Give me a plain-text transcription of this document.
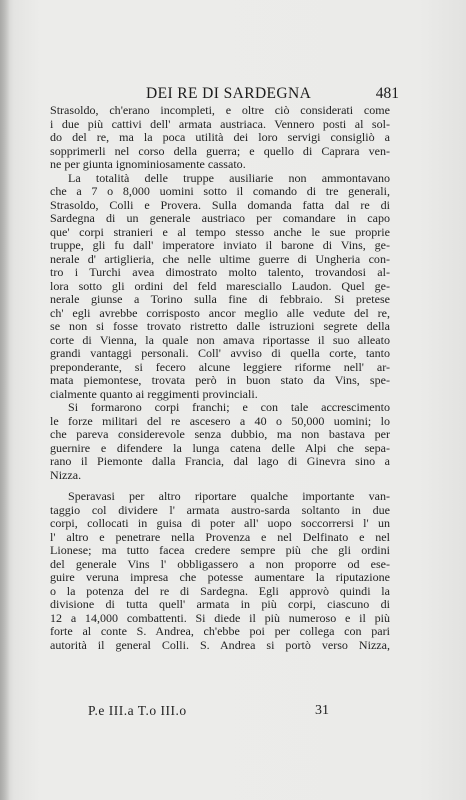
DEI RE DI SARDEGNA	481
Strasoldo, ch'erano incompleti, e oltre ciò considerati come
i due più cattivi dell' armata austriaca. Vennero posti al sol-
do del re, ma la poca utilità dei loro servigi consigliò a
sopprimerli nel corso della guerra; e quello di Caprara ven-
ne per giunta ignominiosamente cassato.
La totalità delle truppe ausiliarie non ammontavano
che a 7 o 8,000 uomini sotto il comando di tre generali,
Strasoldo, Colli e Provera. Sulla domanda fatta dal re di
Sardegna di un generale austriaco per comandare in capo
que' corpi stranieri e al tempo stesso anche le sue proprie
truppe, gli fu dall' imperatore inviato il barone di Vins, ge-
nerale d' artiglieria, che nelle ultime guerre di Ungheria con-
tro i Turchi avea dimostrato molto talento, trovandosi al-
lora sotto gli ordini del feld maresciallo Laudon. Quel ge-
nerale giunse a Torino sulla fine di febbraio. Si pretese
ch' egli avrebbe corrisposto ancor meglio alle vedute del re,
se non si fosse trovato ristretto dalle istruzioni segrete della
corte di Vienna, la quale non amava riportasse il suo alleato
grandi vantaggi personali. Coll' avviso di quella corte, tanto
preponderante, si fecero alcune leggiere riforme nell' ar-
mata piemontese, trovata però in buon stato da Vins, spe-
cialmente quanto ai reggimenti provinciali.
Si formarono corpi franchi; e con tale accrescimento
le forze militari del re ascesero a 40 o 50,000 uomini; lo
che pareva considerevole senza dubbio, ma non bastava per
guernire e difendere la lunga catena delle Alpi che sepa-
rano il Piemonte dalla Francia, dal lago di Ginevra sino a
Nizza.
Speravasi per altro riportare qualche importante van-
taggio col dividere l' armata austro-sarda soltanto in due
corpi, collocati in guisa di poter all' uopo soccorrersi l' un
l' altro e penetrare nella Provenza e nel Delfinato e nel
Lionese; ma tutto facea credere sempre più che gli ordini
del generale Vins l' obbligassero a non proporre od ese-
guire veruna impresa che potesse aumentare la riputazione
o la potenza del re di Sardegna. Egli approvò quindi la
divisione di tutta quell' armata in più corpi, ciascuno di
12 a 14,000 combattenti. Si diede il più numeroso e il più
forte al conte S. Andrea, ch'ebbe poi per collega con pari
autorità il general Colli. S. Andrea si portò verso Nizza,
P.e III.a T.o III.o	31
